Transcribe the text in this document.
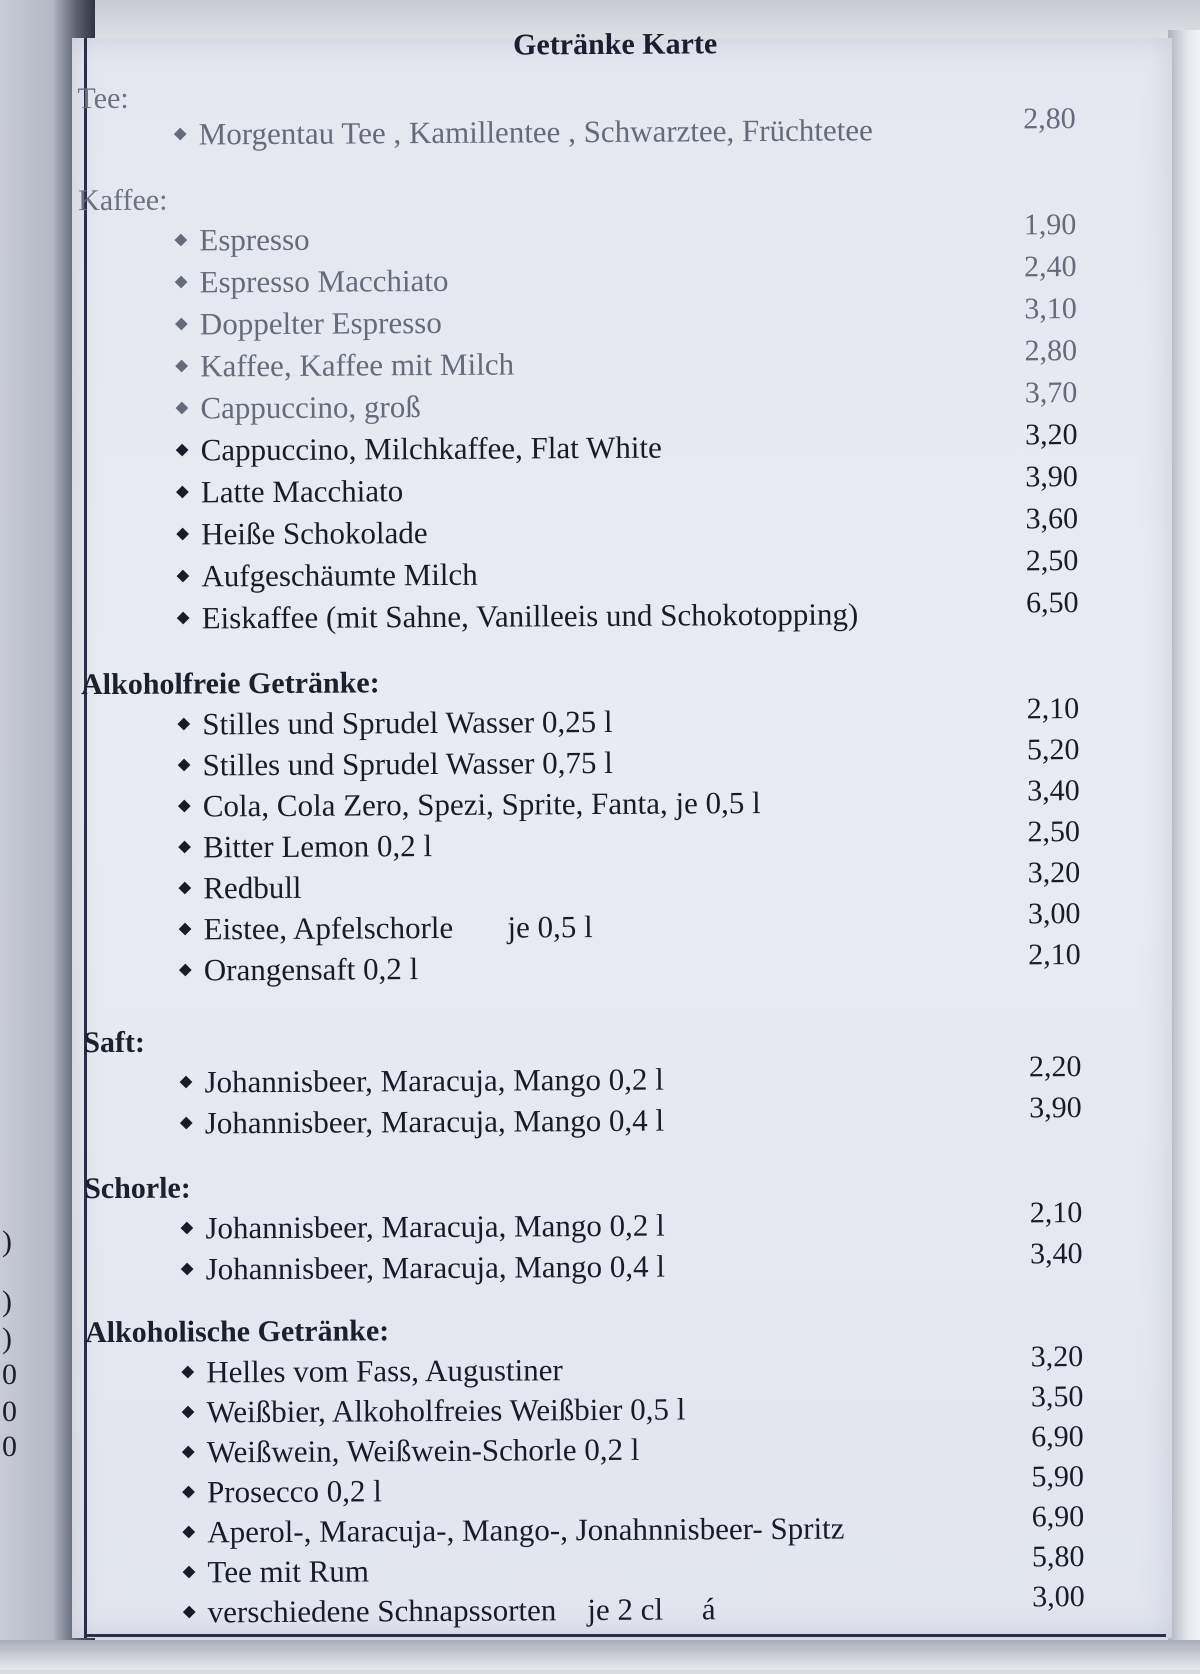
)
)
)
0
0
0
Getränke Karte
Tee:
Morgentau Tee , Kamillentee , Schwarztee, Früchtetee	2,80
Kaffee:
Espresso	1,90
Espresso Macchiato	2,40
Doppelter Espresso	3,10
Kaffee, Kaffee mit Milch	2,80
Cappuccino, groß	3,70
Cappuccino, Milchkaffee, Flat White	3,20
Latte Macchiato	3,90
Heiße Schokolade	3,60
Aufgeschäumte Milch	2,50
Eiskaffee (mit Sahne, Vanilleeis und Schokotopping)	6,50
Alkoholfreie Getränke:
Stilles und Sprudel Wasser 0,25 l	2,10
Stilles und Sprudel Wasser 0,75 l	5,20
Cola, Cola Zero, Spezi, Sprite, Fanta, je 0,5 l	3,40
Bitter Lemon 0,2 l	2,50
Redbull	3,20
Eistee, Apfelschorle       je 0,5 l	3,00
Orangensaft 0,2 l	2,10
Saft:
Johannisbeer, Maracuja, Mango 0,2 l	2,20
Johannisbeer, Maracuja, Mango 0,4 l	3,90
Schorle:
Johannisbeer, Maracuja, Mango 0,2 l	2,10
Johannisbeer, Maracuja, Mango 0,4 l	3,40
Alkoholische Getränke:
Helles vom Fass, Augustiner	3,20
Weißbier, Alkoholfreies Weißbier 0,5 l	3,50
Weißwein, Weißwein-Schorle 0,2 l	6,90
Prosecco 0,2 l	5,90
Aperol-, Maracuja-, Mango-, Jonahnnisbeer- Spritz	6,90
Tee mit Rum	5,80
verschiedene Schnapssorten    je 2 cl     á	3,00
